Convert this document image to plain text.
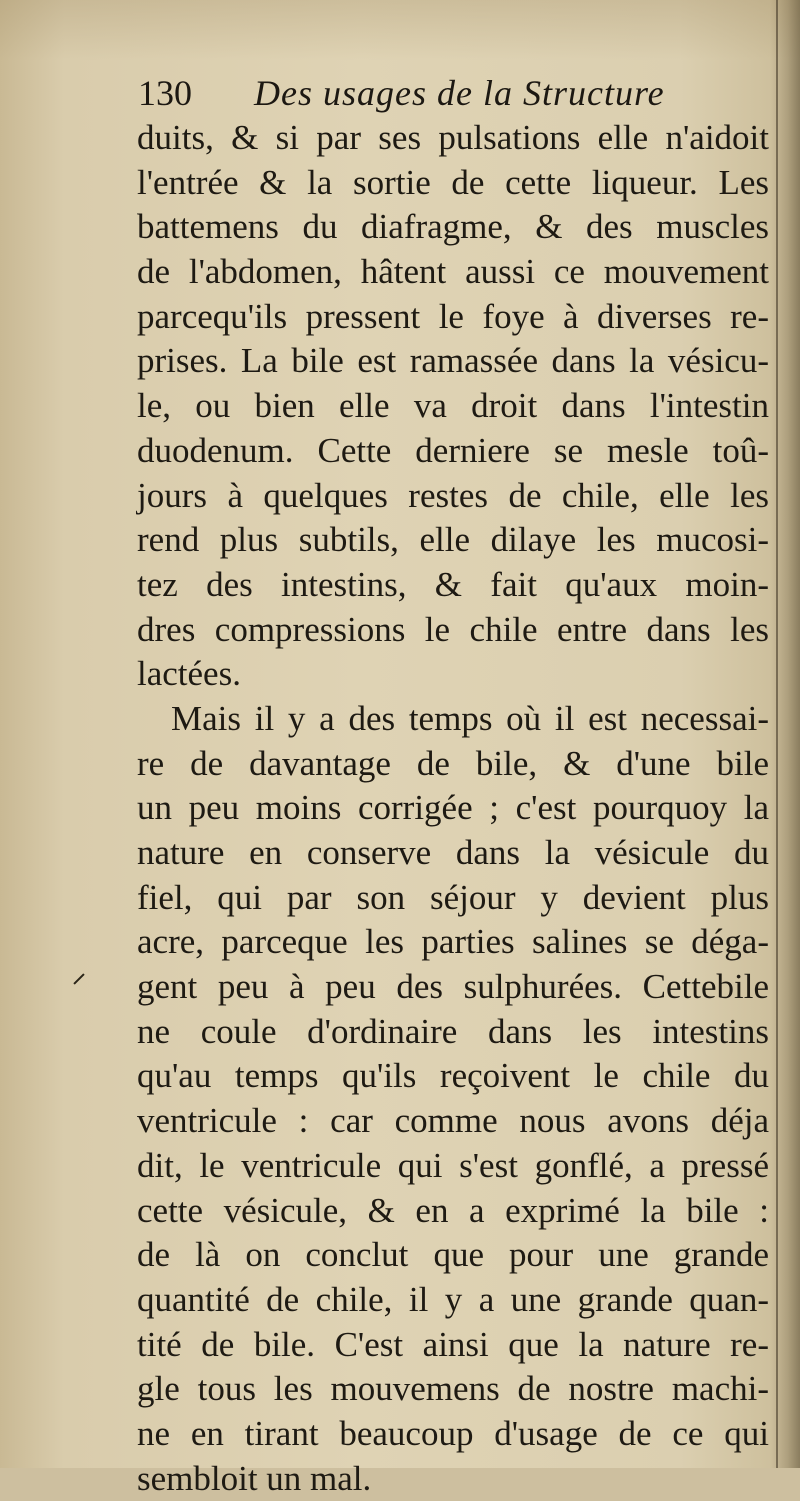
130 Des usages de la Structure
duits, & si par ses pulsations elle n'aidoit
l'entrée & la sortie de cette liqueur. Les
battemens du diafragme, & des muscles
de l'abdomen, hâtent aussi ce mouvement
parcequ'ils pressent le foye à diverses re-
prises. La bile est ramassée dans la vésicu-
le, ou bien elle va droit dans l'intestin
duodenum. Cette derniere se mesle toû-
jours à quelques restes de chile, elle les
rend plus subtils, elle dilaye les mucosi-
tez des intestins, & fait qu'aux moin-
dres compressions le chile entre dans les
lactées.
Mais il y a des temps où il est necessai-
re de davantage de bile, & d'une bile
un peu moins corrigée ; c'est pourquoy la
nature en conserve dans la vésicule du
fiel, qui par son séjour y devient plus
acre, parceque les parties salines se déga-
gent peu à peu des sulphurées. Cettebile
ne coule d'ordinaire dans les intestins
qu'au temps qu'ils reçoivent le chile du
ventricule : car comme nous avons déja
dit, le ventricule qui s'est gonflé, a pressé
cette vésicule, & en a exprimé la bile :
de là on conclut que pour une grande
quantité de chile, il y a une grande quan-
tité de bile. C'est ainsi que la nature re-
gle tous les mouvemens de nostre machi-
ne en tirant beaucoup d'usage de ce qui
sembloit un mal.
